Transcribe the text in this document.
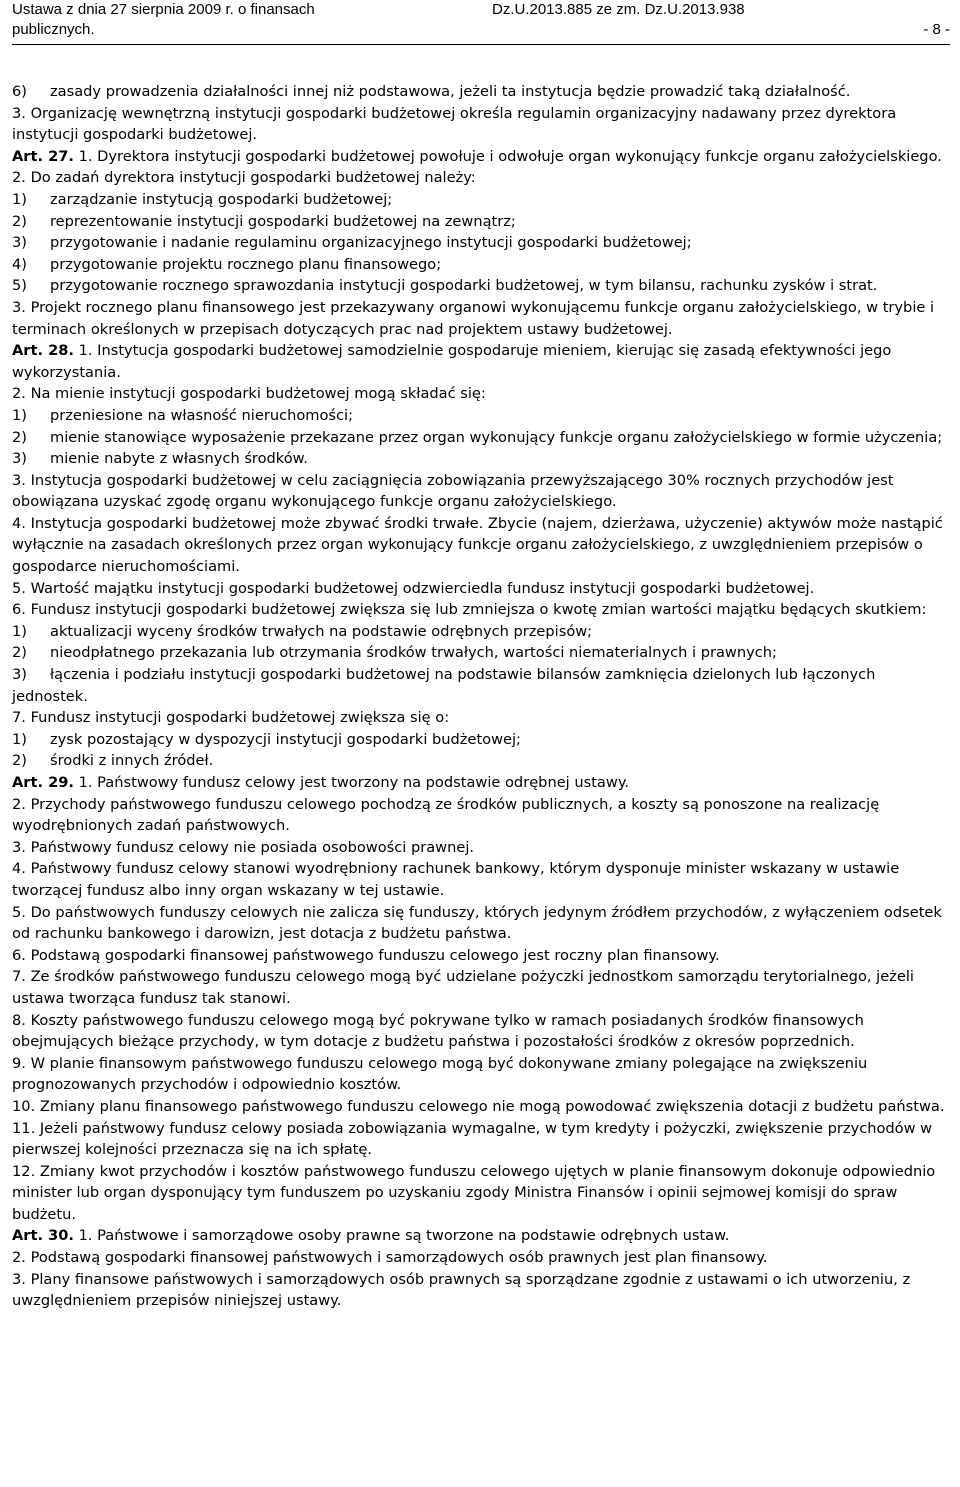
Ustawa z dnia 27 sierpnia 2009 r. o finansach
publicznych.
Dz.U.2013.885 ze zm. Dz.U.2013.938
- 8 -

6) zasady prowadzenia działalności innej niż podstawowa, jeżeli ta instytucja będzie prowadzić taką działalność.

3. Organizację wewnętrzną instytucji gospodarki budżetowej określa regulamin organizacyjny nadawany przez dyrektora instytucji gospodarki budżetowej.

Art. 27. 1. Dyrektora instytucji gospodarki budżetowej powołuje i odwołuje organ wykonujący funkcje organu założycielskiego.

2. Do zadań dyrektora instytucji gospodarki budżetowej należy:

1) zarządzanie instytucją gospodarki budżetowej;

2) reprezentowanie instytucji gospodarki budżetowej na zewnątrz;

3) przygotowanie i nadanie regulaminu organizacyjnego instytucji gospodarki budżetowej;

4) przygotowanie projektu rocznego planu finansowego;

5) przygotowanie rocznego sprawozdania instytucji gospodarki budżetowej, w tym bilansu, rachunku zysków i strat.

3. Projekt rocznego planu finansowego jest przekazywany organowi wykonującemu funkcje organu założycielskiego, w trybie i terminach określonych w przepisach dotyczących prac nad projektem ustawy budżetowej.

Art. 28. 1. Instytucja gospodarki budżetowej samodzielnie gospodaruje mieniem, kierując się zasadą efektywności jego wykorzystania.

2. Na mienie instytucji gospodarki budżetowej mogą składać się:

1) przeniesione na własność nieruchomości;

2) mienie stanowiące wyposażenie przekazane przez organ wykonujący funkcje organu założycielskiego w formie użyczenia;

3) mienie nabyte z własnych środków.

3. Instytucja gospodarki budżetowej w celu zaciągnięcia zobowiązania przewyższającego 30% rocznych przychodów jest obowiązana uzyskać zgodę organu wykonującego funkcje organu założycielskiego.

4. Instytucja gospodarki budżetowej może zbywać środki trwałe. Zbycie (najem, dzierżawa, użyczenie) aktywów może nastąpić wyłącznie na zasadach określonych przez organ wykonujący funkcje organu założycielskiego, z uwzględnieniem przepisów o gospodarce nieruchomościami.

5. Wartość majątku instytucji gospodarki budżetowej odzwierciedla fundusz instytucji gospodarki budżetowej.

6. Fundusz instytucji gospodarki budżetowej zwiększa się lub zmniejsza o kwotę zmian wartości majątku będących skutkiem:

1) aktualizacji wyceny środków trwałych na podstawie odrębnych przepisów;

2) nieodpłatnego przekazania lub otrzymania środków trwałych, wartości niematerialnych i prawnych;

3) łączenia i podziału instytucji gospodarki budżetowej na podstawie bilansów zamknięcia dzielonych lub łączonych jednostek.

7. Fundusz instytucji gospodarki budżetowej zwiększa się o:

1) zysk pozostający w dyspozycji instytucji gospodarki budżetowej;

2) środki z innych źródeł.

Art. 29. 1. Państwowy fundusz celowy jest tworzony na podstawie odrębnej ustawy.

2. Przychody państwowego funduszu celowego pochodzą ze środków publicznych, a koszty są ponoszone na realizację wyodrębnionych zadań państwowych.

3. Państwowy fundusz celowy nie posiada osobowości prawnej.

4. Państwowy fundusz celowy stanowi wyodrębniony rachunek bankowy, którym dysponuje minister wskazany w ustawie tworzącej fundusz albo inny organ wskazany w tej ustawie.

5. Do państwowych funduszy celowych nie zalicza się funduszy, których jedynym źródłem przychodów, z wyłączeniem odsetek od rachunku bankowego i darowizn, jest dotacja z budżetu państwa.

6. Podstawą gospodarki finansowej państwowego funduszu celowego jest roczny plan finansowy.

7. Ze środków państwowego funduszu celowego mogą być udzielane pożyczki jednostkom samorządu terytorialnego, jeżeli ustawa tworząca fundusz tak stanowi.

8. Koszty państwowego funduszu celowego mogą być pokrywane tylko w ramach posiadanych środków finansowych obejmujących bieżące przychody, w tym dotacje z budżetu państwa i pozostałości środków z okresów poprzednich.

9. W planie finansowym państwowego funduszu celowego mogą być dokonywane zmiany polegające na zwiększeniu prognozowanych przychodów i odpowiednio kosztów.

10. Zmiany planu finansowego państwowego funduszu celowego nie mogą powodować zwiększenia dotacji z budżetu państwa.

11. Jeżeli państwowy fundusz celowy posiada zobowiązania wymagalne, w tym kredyty i pożyczki, zwiększenie przychodów w pierwszej kolejności przeznacza się na ich spłatę.

12. Zmiany kwot przychodów i kosztów państwowego funduszu celowego ujętych w planie finansowym dokonuje odpowiednio minister lub organ dysponujący tym funduszem po uzyskaniu zgody Ministra Finansów i opinii sejmowej komisji do spraw budżetu.

Art. 30. 1. Państwowe i samorządowe osoby prawne są tworzone na podstawie odrębnych ustaw.

2. Podstawą gospodarki finansowej państwowych i samorządowych osób prawnych jest plan finansowy.

3. Plany finansowe państwowych i samorządowych osób prawnych są sporządzane zgodnie z ustawami o ich utworzeniu, z uwzględnieniem przepisów niniejszej ustawy.
